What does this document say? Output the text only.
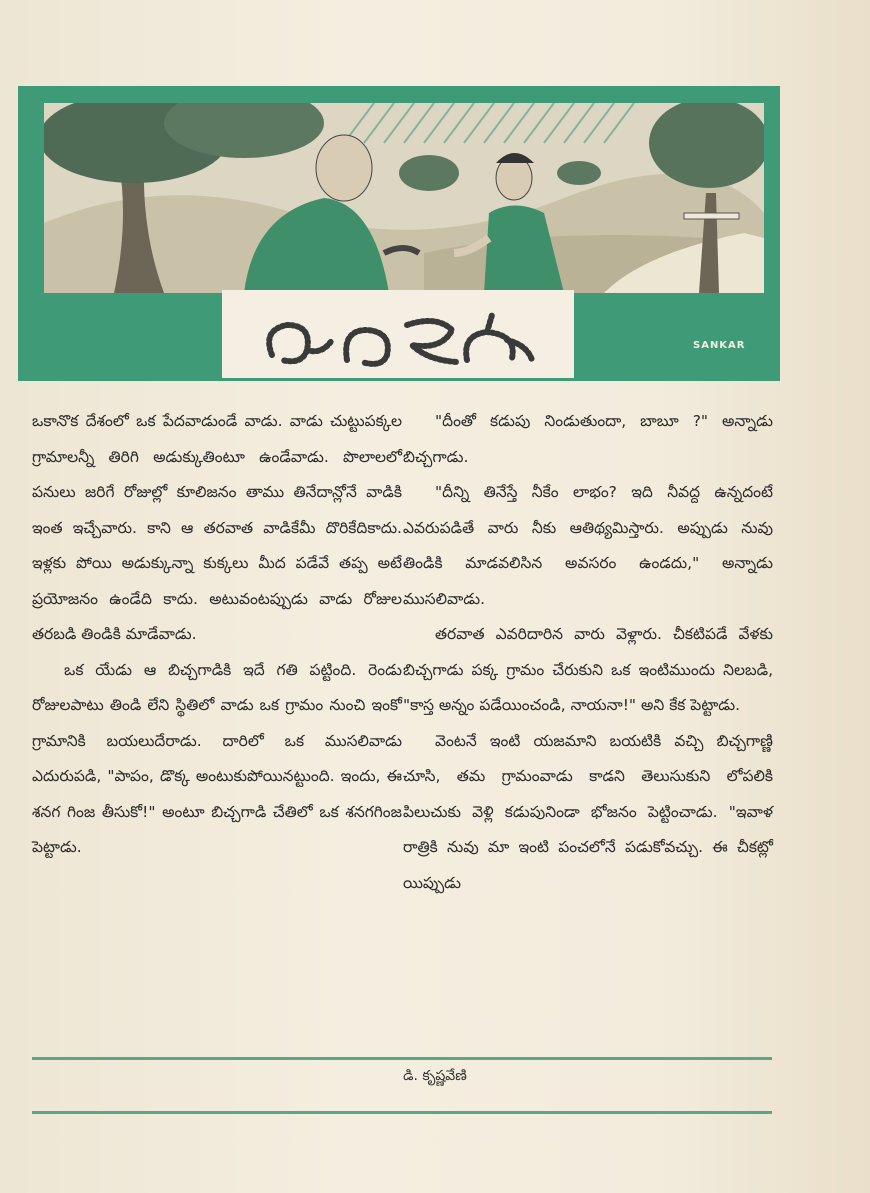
SANKAR

ఒకానొక దేశంలో ఒక పేదవాడుండే వాడు. వాడు చుట్టుపక్కల గ్రామాలన్నీ తిరిగి అడుక్కుతింటూ ఉండేవాడు. పొలాలలో పనులు జరిగే రోజుల్లో కూలిజనం తాము తినేదాన్లోనే వాడికి ఇంత ఇచ్చేవారు. కాని ఆ తరవాత వాడికేమీ దొరికేదికాదు. ఇళ్లకు పోయి అడుక్కున్నా కుక్కలు మీద పడేవే తప్ప అటే ప్రయోజనం ఉండేది కాదు. అటువంటప్పుడు వాడు రోజుల తరబడి తిండికి మాడేవాడు.

ఒక యేడు ఆ బిచ్చగాడికి ఇదే గతి పట్టింది. రెండు రోజులపాటు తిండి లేని స్థితిలో వాడు ఒక గ్రామం నుంచి ఇంకో గ్రామానికి బయలుదేరాడు. దారిలో ఒక ముసలివాడు ఎదురుపడి, "పాపం, డొక్క అంటుకుపోయినట్టుంది. ఇందు, ఈ శనగ గింజ తీసుకో!" అంటూ బిచ్చగాడి చేతిలో ఒక శనగగింజ పెట్టాడు.

"దీంతో కడుపు నిండుతుందా, బాబూ ?" అన్నాడు బిచ్చగాడు.

"దీన్ని తినేస్తే నీకేం లాభం? ఇది నీవద్ద ఉన్నదంటే ఎవరుపడితే వారు నీకు ఆతిథ్యమిస్తారు. అప్పుడు నువు తిండికి మాడవలిసిన అవసరం ఉండదు," అన్నాడు ముసలివాడు.

తరవాత ఎవరిదారిన వారు వెళ్లారు. చీకటిపడే వేళకు బిచ్చగాడు పక్క గ్రామం చేరుకుని ఒక ఇంటిముందు నిలబడి, "కాస్త అన్నం పడేయించండి, నాయనా!" అని కేక పెట్టాడు.

వెంటనే ఇంటి యజమాని బయటికి వచ్చి బిచ్చగాణ్ణి చూసి, తమ గ్రామంవాడు కాడని తెలుసుకుని లోపలికి పిలుచుకు వెళ్లి కడుపునిండా భోజనం పెట్టించాడు. "ఇవాళ రాత్రికి నువు మా ఇంటి పంచలోనే పడుకోవచ్చు. ఈ చీకట్లో యిప్పుడు

డి. కృష్ణవేణి
